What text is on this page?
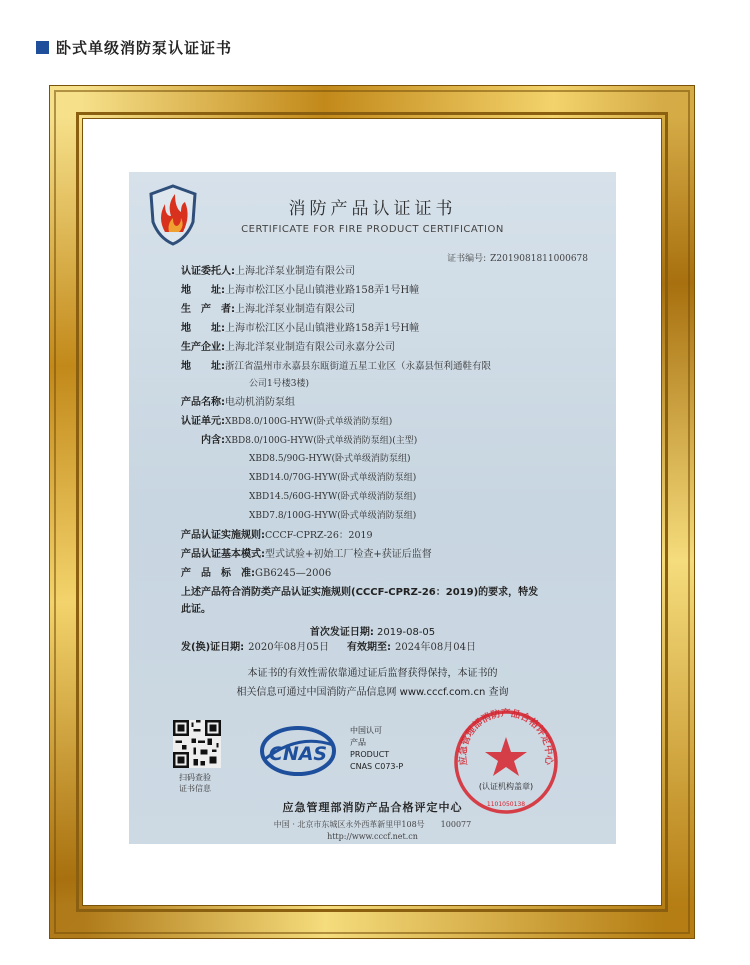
卧式单级消防泵认证证书
消防产品认证证书
CERTIFICATE FOR FIRE PRODUCT CERTIFICATION
证书编号: Z2019081811000678
认证委托人: 上海北洋泵业制造有限公司
地　　址: 上海市松江区小昆山镇港业路158弄1号H幢
生　产　者: 上海北洋泵业制造有限公司
地　　址: 上海市松江区小昆山镇港业路158弄1号H幢
生产企业: 上海北洋泵业制造有限公司永嘉分公司
地　　址: 浙江省温州市永嘉县东瓯街道五星工业区（永嘉县恒利通鞋有限
公司1号楼3楼)
产品名称: 电动机消防泵组
认证单元: XBD8.0/100G-HYW(卧式单级消防泵组)
　　内含: XBD8.0/100G-HYW(卧式单级消防泵组)(主型)
XBD8.5/90G-HYW(卧式单级消防泵组)
XBD14.0/70G-HYW(卧式单级消防泵组)
XBD14.5/60G-HYW(卧式单级消防泵组)
XBD7.8/100G-HYW(卧式单级消防泵组)
产品认证实施规则: CCCF-CPRZ-26：2019
产品认证基本模式: 型式试验+初始工厂检查+获证后监督
产　品　标　准: GB6245—2006
上述产品符合消防类产品认证实施规则(CCCF-CPRZ-26：2019)的要求，特发
此证。
首次发证日期: 2019-08-05
发(换)证日期: 2020年08月05日 有效期至: 2024年08月04日
本证书的有效性需依靠通过证后监督获得保持，本证书的
相关信息可通过中国消防产品信息网 www.cccf.com.cn 查询
扫码查验
证书信息
CNAS
中国认可
产品
PRODUCT
CNAS C073-P
应急管理部消防产品合格评定中心
(认证机构盖章)
1101050138
应急管理部消防产品合格评定中心
中国 · 北京市东城区永外西革新里甲108号　　100077
http://www.cccf.net.cn
